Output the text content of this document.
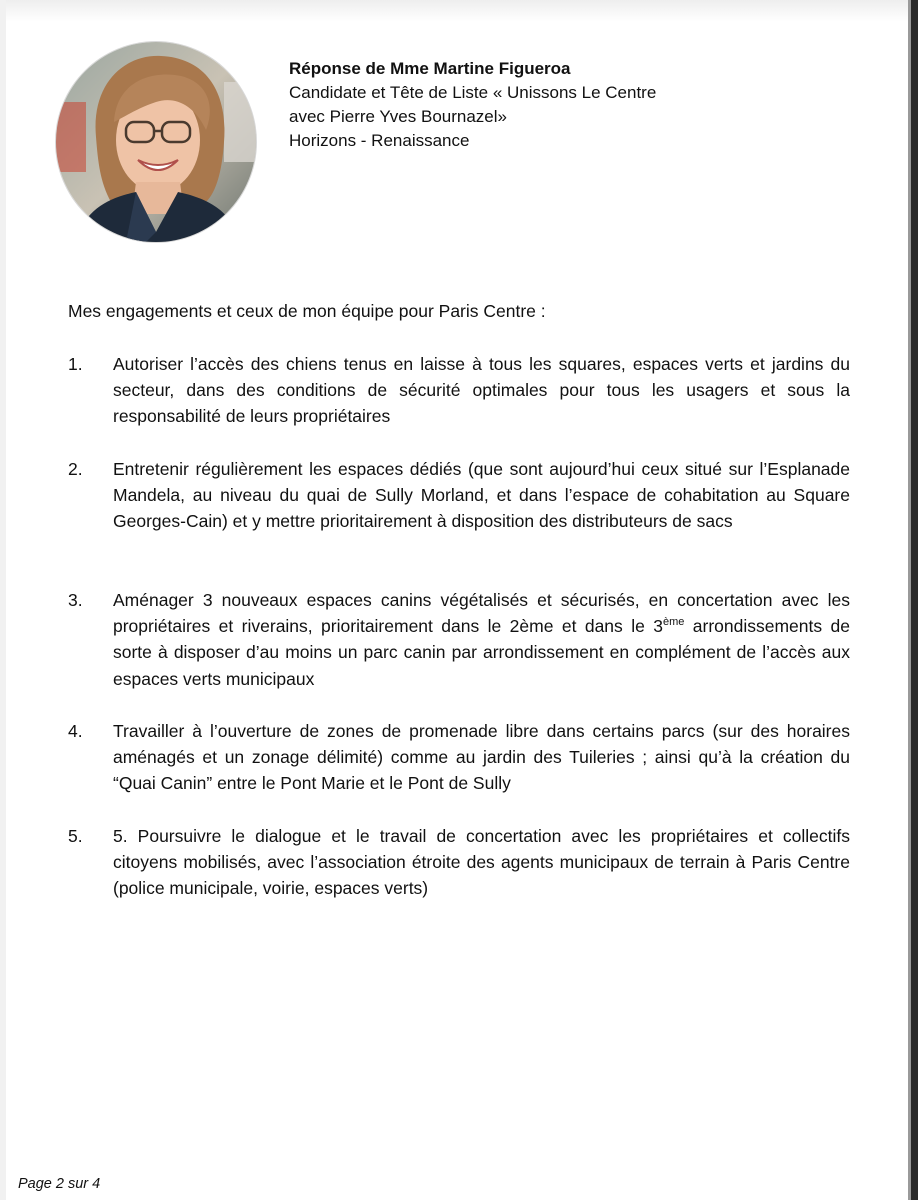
Réponse de Mme Martine Figueroa
Candidate et Tête de Liste « Unissons Le Centre
avec Pierre Yves Bournazel»
Horizons - Renaissance
Mes engagements et ceux de mon équipe pour Paris Centre :
1. Autoriser l’accès des chiens tenus en laisse à tous les squares, espaces verts et jardins du secteur, dans des conditions de sécurité optimales pour tous les usagers et sous la responsabilité de leurs propriétaires
2. Entretenir régulièrement les espaces dédiés (que sont aujourd’hui ceux situé sur l’Esplanade Mandela, au niveau du quai de Sully Morland, et dans l’espace de cohabitation au Square Georges-Cain) et y mettre prioritairement à disposition des distributeurs de sacs
3. Aménager 3 nouveaux espaces canins végétalisés et sécurisés, en concertation avec les propriétaires et riverains, prioritairement dans le 2ème et dans le 3ème arrondissements de sorte à disposer d’au moins un parc canin par arrondissement en complément de l’accès aux espaces verts municipaux
4. Travailler à l’ouverture de zones de promenade libre dans certains parcs (sur des horaires aménagés et un zonage délimité) comme au jardin des Tuileries ; ainsi qu’à la création du “Quai Canin” entre le Pont Marie et le Pont de Sully
5. 5. Poursuivre le dialogue et le travail de concertation avec les propriétaires et collectifs citoyens mobilisés, avec l’association étroite des agents municipaux de terrain à Paris Centre (police municipale, voirie, espaces verts)
Page 2 sur 4
